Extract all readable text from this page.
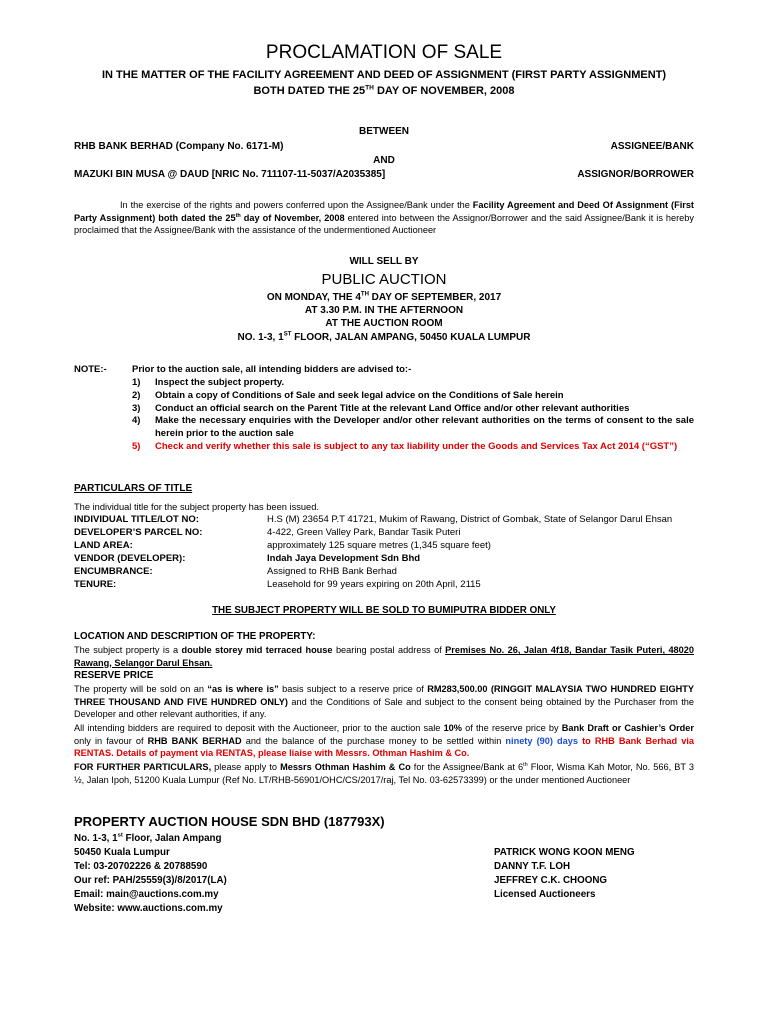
PROCLAMATION OF SALE
IN THE MATTER OF THE FACILITY AGREEMENT AND DEED OF ASSIGNMENT (FIRST PARTY ASSIGNMENT)
BOTH DATED THE 25TH DAY OF NOVEMBER, 2008
BETWEEN
RHB BANK BERHAD (Company No. 6171-M)	ASSIGNEE/BANK
AND
MAZUKI BIN MUSA @ DAUD [NRIC No. 711107-11-5037/A2035385]	ASSIGNOR/BORROWER

In the exercise of the rights and powers conferred upon the Assignee/Bank under the Facility Agreement and Deed Of Assignment (First Party Assignment) both dated the 25th day of November, 2008 entered into between the Assignor/Borrower and the said Assignee/Bank it is hereby proclaimed that the Assignee/Bank with the assistance of the undermentioned Auctioneer

WILL SELL BY
PUBLIC AUCTION
ON MONDAY, THE 4TH DAY OF SEPTEMBER, 2017
AT 3.30 P.M. IN THE AFTERNOON
AT THE AUCTION ROOM
NO. 1-3, 1ST FLOOR, JALAN AMPANG, 50450 KUALA LUMPUR
NOTE:-	Prior to the auction sale, all intending bidders are advised to:-
1)	Inspect the subject property.
2)	Obtain a copy of Conditions of Sale and seek legal advice on the Conditions of Sale herein
3)	Conduct an official search on the Parent Title at the relevant Land Office and/or other relevant authorities
4)	Make the necessary enquiries with the Developer and/or other relevant authorities on the terms of consent to the sale herein prior to the auction sale
5)	Check and verify whether this sale is subject to any tax liability under the Goods and Services Tax Act 2014 (“GST”)
PARTICULARS OF TITLE
The individual title for the subject property has been issued.
INDIVIDUAL TITLE/LOT NO:	H.S (M) 23654 P.T 41721, Mukim of Rawang, District of Gombak, State of Selangor Darul Ehsan
DEVELOPER’S PARCEL NO:	4-422, Green Valley Park, Bandar Tasik Puteri
LAND AREA:	approximately 125 square metres (1,345 square feet)
VENDOR (DEVELOPER):	Indah Jaya Development Sdn Bhd
ENCUMBRANCE:	Assigned to RHB Bank Berhad
TENURE:	Leasehold for 99 years expiring on 20th April, 2115
THE SUBJECT PROPERTY WILL BE SOLD TO BUMIPUTRA BIDDER ONLY
LOCATION AND DESCRIPTION OF THE PROPERTY:

The subject property is a double storey mid terraced house bearing postal address of Premises No. 26, Jalan 4f18, Bandar Tasik Puteri, 48020 Rawang, Selangor Darul Ehsan.

RESERVE PRICE

The property will be sold on an “as is where is” basis subject to a reserve price of RM283,500.00 (RINGGIT MALAYSIA TWO HUNDRED EIGHTY THREE THOUSAND AND FIVE HUNDRED ONLY) and the Conditions of Sale and subject to the consent being obtained by the Purchaser from the Developer and other relevant authorities, if any.

All intending bidders are required to deposit with the Auctioneer, prior to the auction sale 10% of the reserve price by Bank Draft or Cashier’s Order only in favour of RHB BANK BERHAD and the balance of the purchase money to be settled within ninety (90) days to RHB Bank Berhad via RENTAS. Details of payment via RENTAS, please liaise with Messrs. Othman Hashim & Co.

FOR FURTHER PARTICULARS, please apply to Messrs Othman Hashim & Co for the Assignee/Bank at 6th Floor, Wisma Kah Motor, No. 566, BT 3 ½, Jalan Ipoh, 51200 Kuala Lumpur (Ref No. LT/RHB-56901/OHC/CS/2017/raj, Tel No. 03-62573399) or the under mentioned Auctioneer

PROPERTY AUCTION HOUSE SDN BHD (187793X)
No. 1-3, 1st Floor, Jalan Ampang
50450 Kuala Lumpur
Tel: 03-20702226 & 20788590
Our ref: PAH/25559(3)/8/2017(LA)
Email: main@auctions.com.my
Website: www.auctions.com.my
PATRICK WONG KOON MENG
DANNY T.F. LOH
JEFFREY C.K. CHOONG
Licensed Auctioneers
